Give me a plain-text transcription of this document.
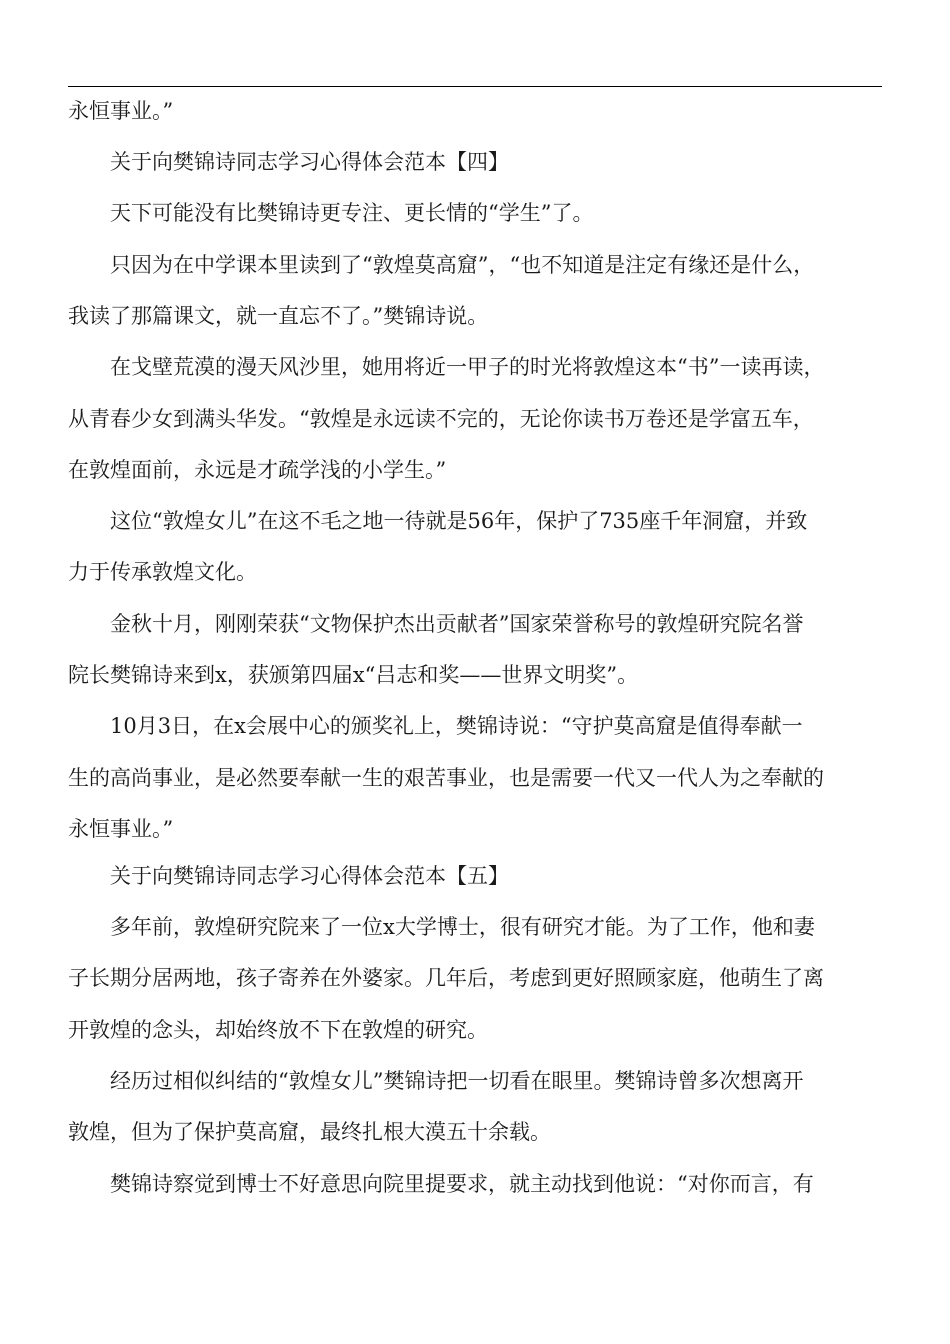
永恒事业。”
关于向樊锦诗同志学习心得体会范本【四】
天下可能没有比樊锦诗更专注、更长情的“学生”了。
只因为在中学课本里读到了“敦煌莫高窟”，“也不知道是注定有缘还是什么，
我读了那篇课文，就一直忘不了。”樊锦诗说。
在戈壁荒漠的漫天风沙里，她用将近一甲子的时光将敦煌这本“书”一读再读，
从青春少女到满头华发。“敦煌是永远读不完的，无论你读书万卷还是学富五车，
在敦煌面前，永远是才疏学浅的小学生。”
这位“敦煌女儿”在这不毛之地一待就是56年，保护了735座千年洞窟，并致
力于传承敦煌文化。
金秋十月，刚刚荣获“文物保护杰出贡献者”国家荣誉称号的敦煌研究院名誉
院长樊锦诗来到x，获颁第四届x“吕志和奖——世界文明奖”。
10月3日，在x会展中心的颁奖礼上，樊锦诗说：“守护莫高窟是值得奉献一
生的高尚事业，是必然要奉献一生的艰苦事业，也是需要一代又一代人为之奉献的
永恒事业。”
关于向樊锦诗同志学习心得体会范本【五】
多年前，敦煌研究院来了一位x大学博士，很有研究才能。为了工作，他和妻
子长期分居两地，孩子寄养在外婆家。几年后，考虑到更好照顾家庭，他萌生了离
开敦煌的念头，却始终放不下在敦煌的研究。
经历过相似纠结的“敦煌女儿”樊锦诗把一切看在眼里。樊锦诗曾多次想离开
敦煌，但为了保护莫高窟，最终扎根大漠五十余载。
樊锦诗察觉到博士不好意思向院里提要求，就主动找到他说：“对你而言，有
